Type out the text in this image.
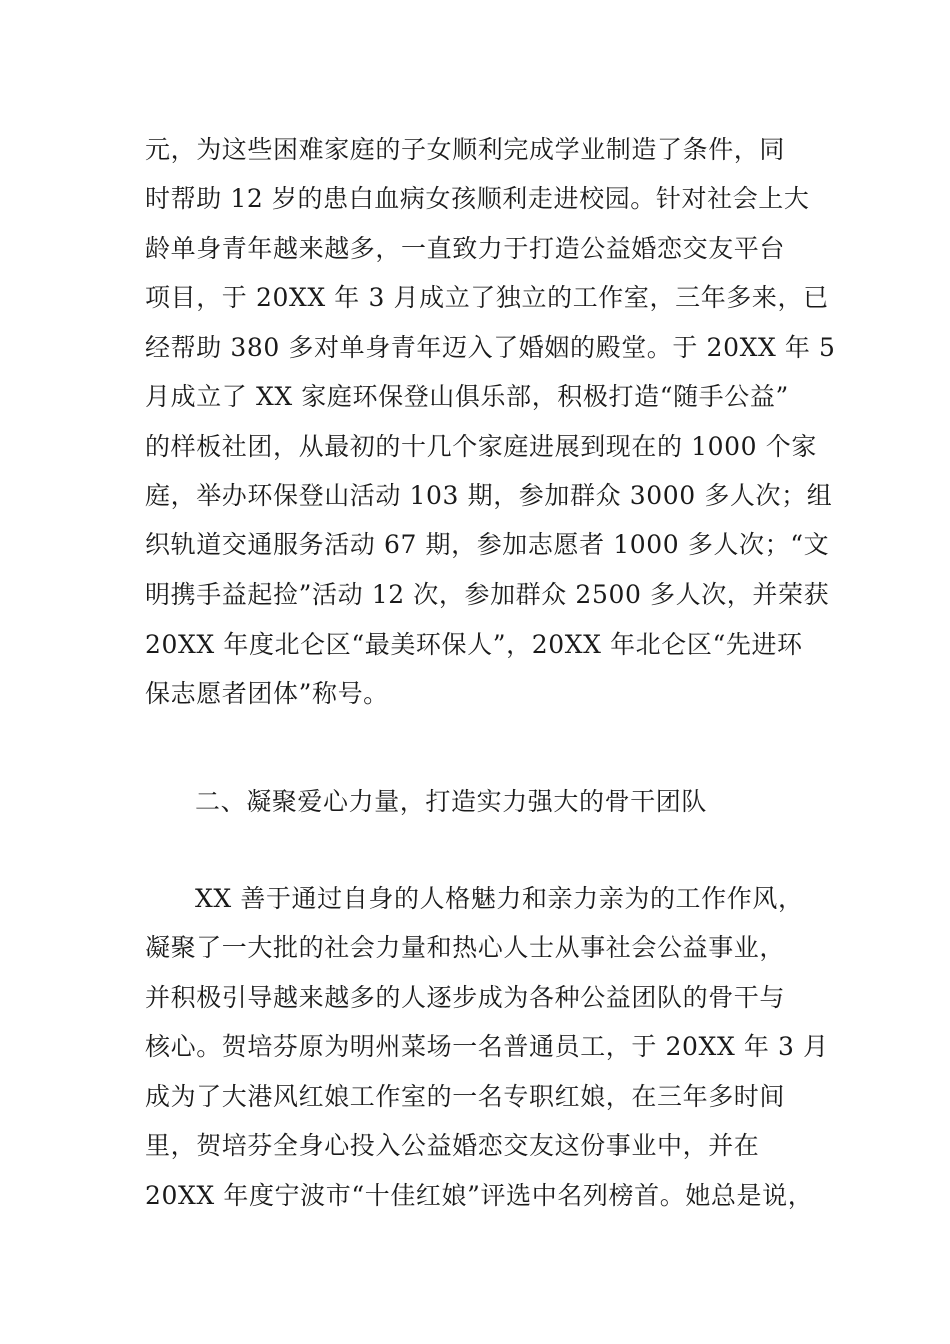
元，为这些困难家庭的子女顺利完成学业制造了条件，同
时帮助 12 岁的患白血病女孩顺利走进校园。针对社会上大
龄单身青年越来越多，一直致力于打造公益婚恋交友平台
项目，于 20XX 年 3 月成立了独立的工作室，三年多来，已
经帮助 380 多对单身青年迈入了婚姻的殿堂。于 20XX 年 5
月成立了 XX 家庭环保登山俱乐部，积极打造“随手公益”
的样板社团，从最初的十几个家庭进展到现在的 1000 个家
庭，举办环保登山活动 103 期，参加群众 3000 多人次；组
织轨道交通服务活动 67 期，参加志愿者 1000 多人次；“文
明携手益起捡”活动 12 次，参加群众 2500 多人次，并荣获
20XX 年度北仑区“最美环保人”，20XX 年北仑区“先进环
保志愿者团体”称号。
二、凝聚爱心力量，打造实力强大的骨干团队
XX 善于通过自身的人格魅力和亲力亲为的工作作风，
凝聚了一大批的社会力量和热心人士从事社会公益事业，
并积极引导越来越多的人逐步成为各种公益团队的骨干与
核心。贺培芬原为明州菜场一名普通员工，于 20XX 年 3 月
成为了大港风红娘工作室的一名专职红娘，在三年多时间
里，贺培芬全身心投入公益婚恋交友这份事业中，并在
20XX 年度宁波市“十佳红娘”评选中名列榜首。她总是说，
